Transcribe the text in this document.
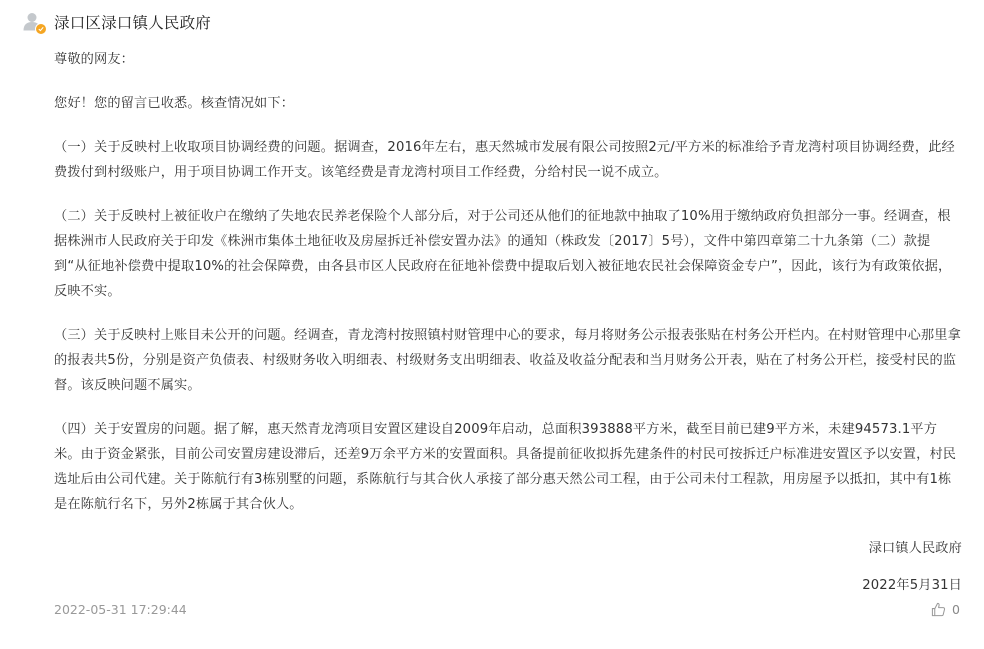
渌口区渌口镇人民政府

尊敬的网友：

您好！您的留言已收悉。核查情况如下：

（一）关于反映村上收取项目协调经费的问题。据调查，2016年左右，惠天然城市发展有限公司按照2元/平方米的标准给予青龙湾村项目协调经费，此经费拨付到村级账户，用于项目协调工作开支。该笔经费是青龙湾村项目工作经费，分给村民一说不成立。

（二）关于反映村上被征收户在缴纳了失地农民养老保险个人部分后，对于公司还从他们的征地款中抽取了10%用于缴纳政府负担部分一事。经调查，根据株洲市人民政府关于印发《株洲市集体土地征收及房屋拆迁补偿安置办法》的通知（株政发〔2017〕5号），文件中第四章第二十九条第（二）款提到“从征地补偿费中提取10%的社会保障费，由各县市区人民政府在征地补偿费中提取后划入被征地农民社会保障资金专户”，因此，该行为有政策依据，反映不实。

（三）关于反映村上账目未公开的问题。经调查，青龙湾村按照镇村财管理中心的要求，每月将财务公示报表张贴在村务公开栏内。在村财管理中心那里拿的报表共5份，分别是资产负债表、村级财务收入明细表、村级财务支出明细表、收益及收益分配表和当月财务公开表，贴在了村务公开栏，接受村民的监督。该反映问题不属实。

（四）关于安置房的问题。据了解，惠天然青龙湾项目安置区建设自2009年启动，总面积393888平方米，截至目前已建9平方米，未建94573.1平方米。由于资金紧张，目前公司安置房建设滞后，还差9万余平方米的安置面积。具备提前征收拟拆先建条件的村民可按拆迁户标准进安置区予以安置，村民选址后由公司代建。关于陈航行有3栋别墅的问题，系陈航行与其合伙人承接了部分惠天然公司工程，由于公司未付工程款，用房屋予以抵扣，其中有1栋是在陈航行名下，另外2栋属于其合伙人。

渌口镇人民政府

2022年5月31日

2022-05-31 17:29:44	0
